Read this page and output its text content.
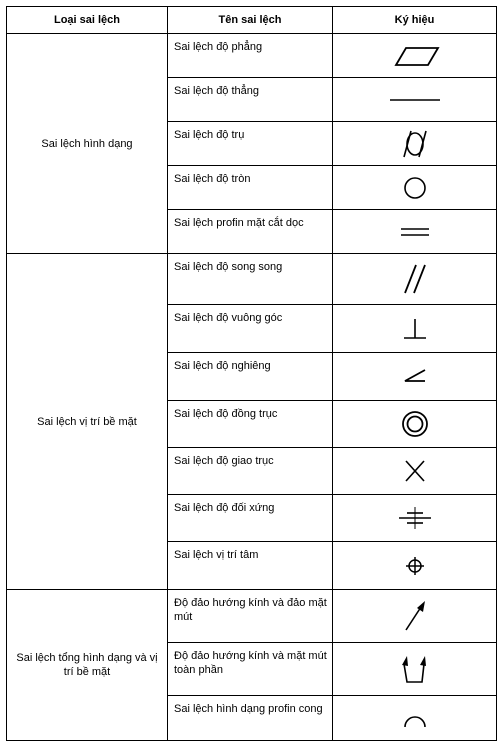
Loại sai lệch	Tên sai lệch	Ký hiệu
Sai lệch hình dạng	Sai lệch độ phẳng	

	Sai lệch độ thẳng	

	Sai lệch độ trụ	

	Sai lệch độ tròn	

	Sai lệch profin mặt cắt dọc	

Sai lệch vị trí bề mặt	Sai lệch độ song song	

	Sai lệch độ vuông góc	

	Sai lệch độ nghiêng	

	Sai lệch độ đồng trục	

	Sai lệch độ giao trục	

	Sai lệch độ đối xứng	

	Sai lệch vị trí tâm	

Sai lệch tổng hình dạng và vị trí bề mặt	Độ đảo hướng kính và đảo mặt mút	

	Độ đảo hướng kính và mặt mút toàn phần	

	Sai lệch hình dạng profin cong	
